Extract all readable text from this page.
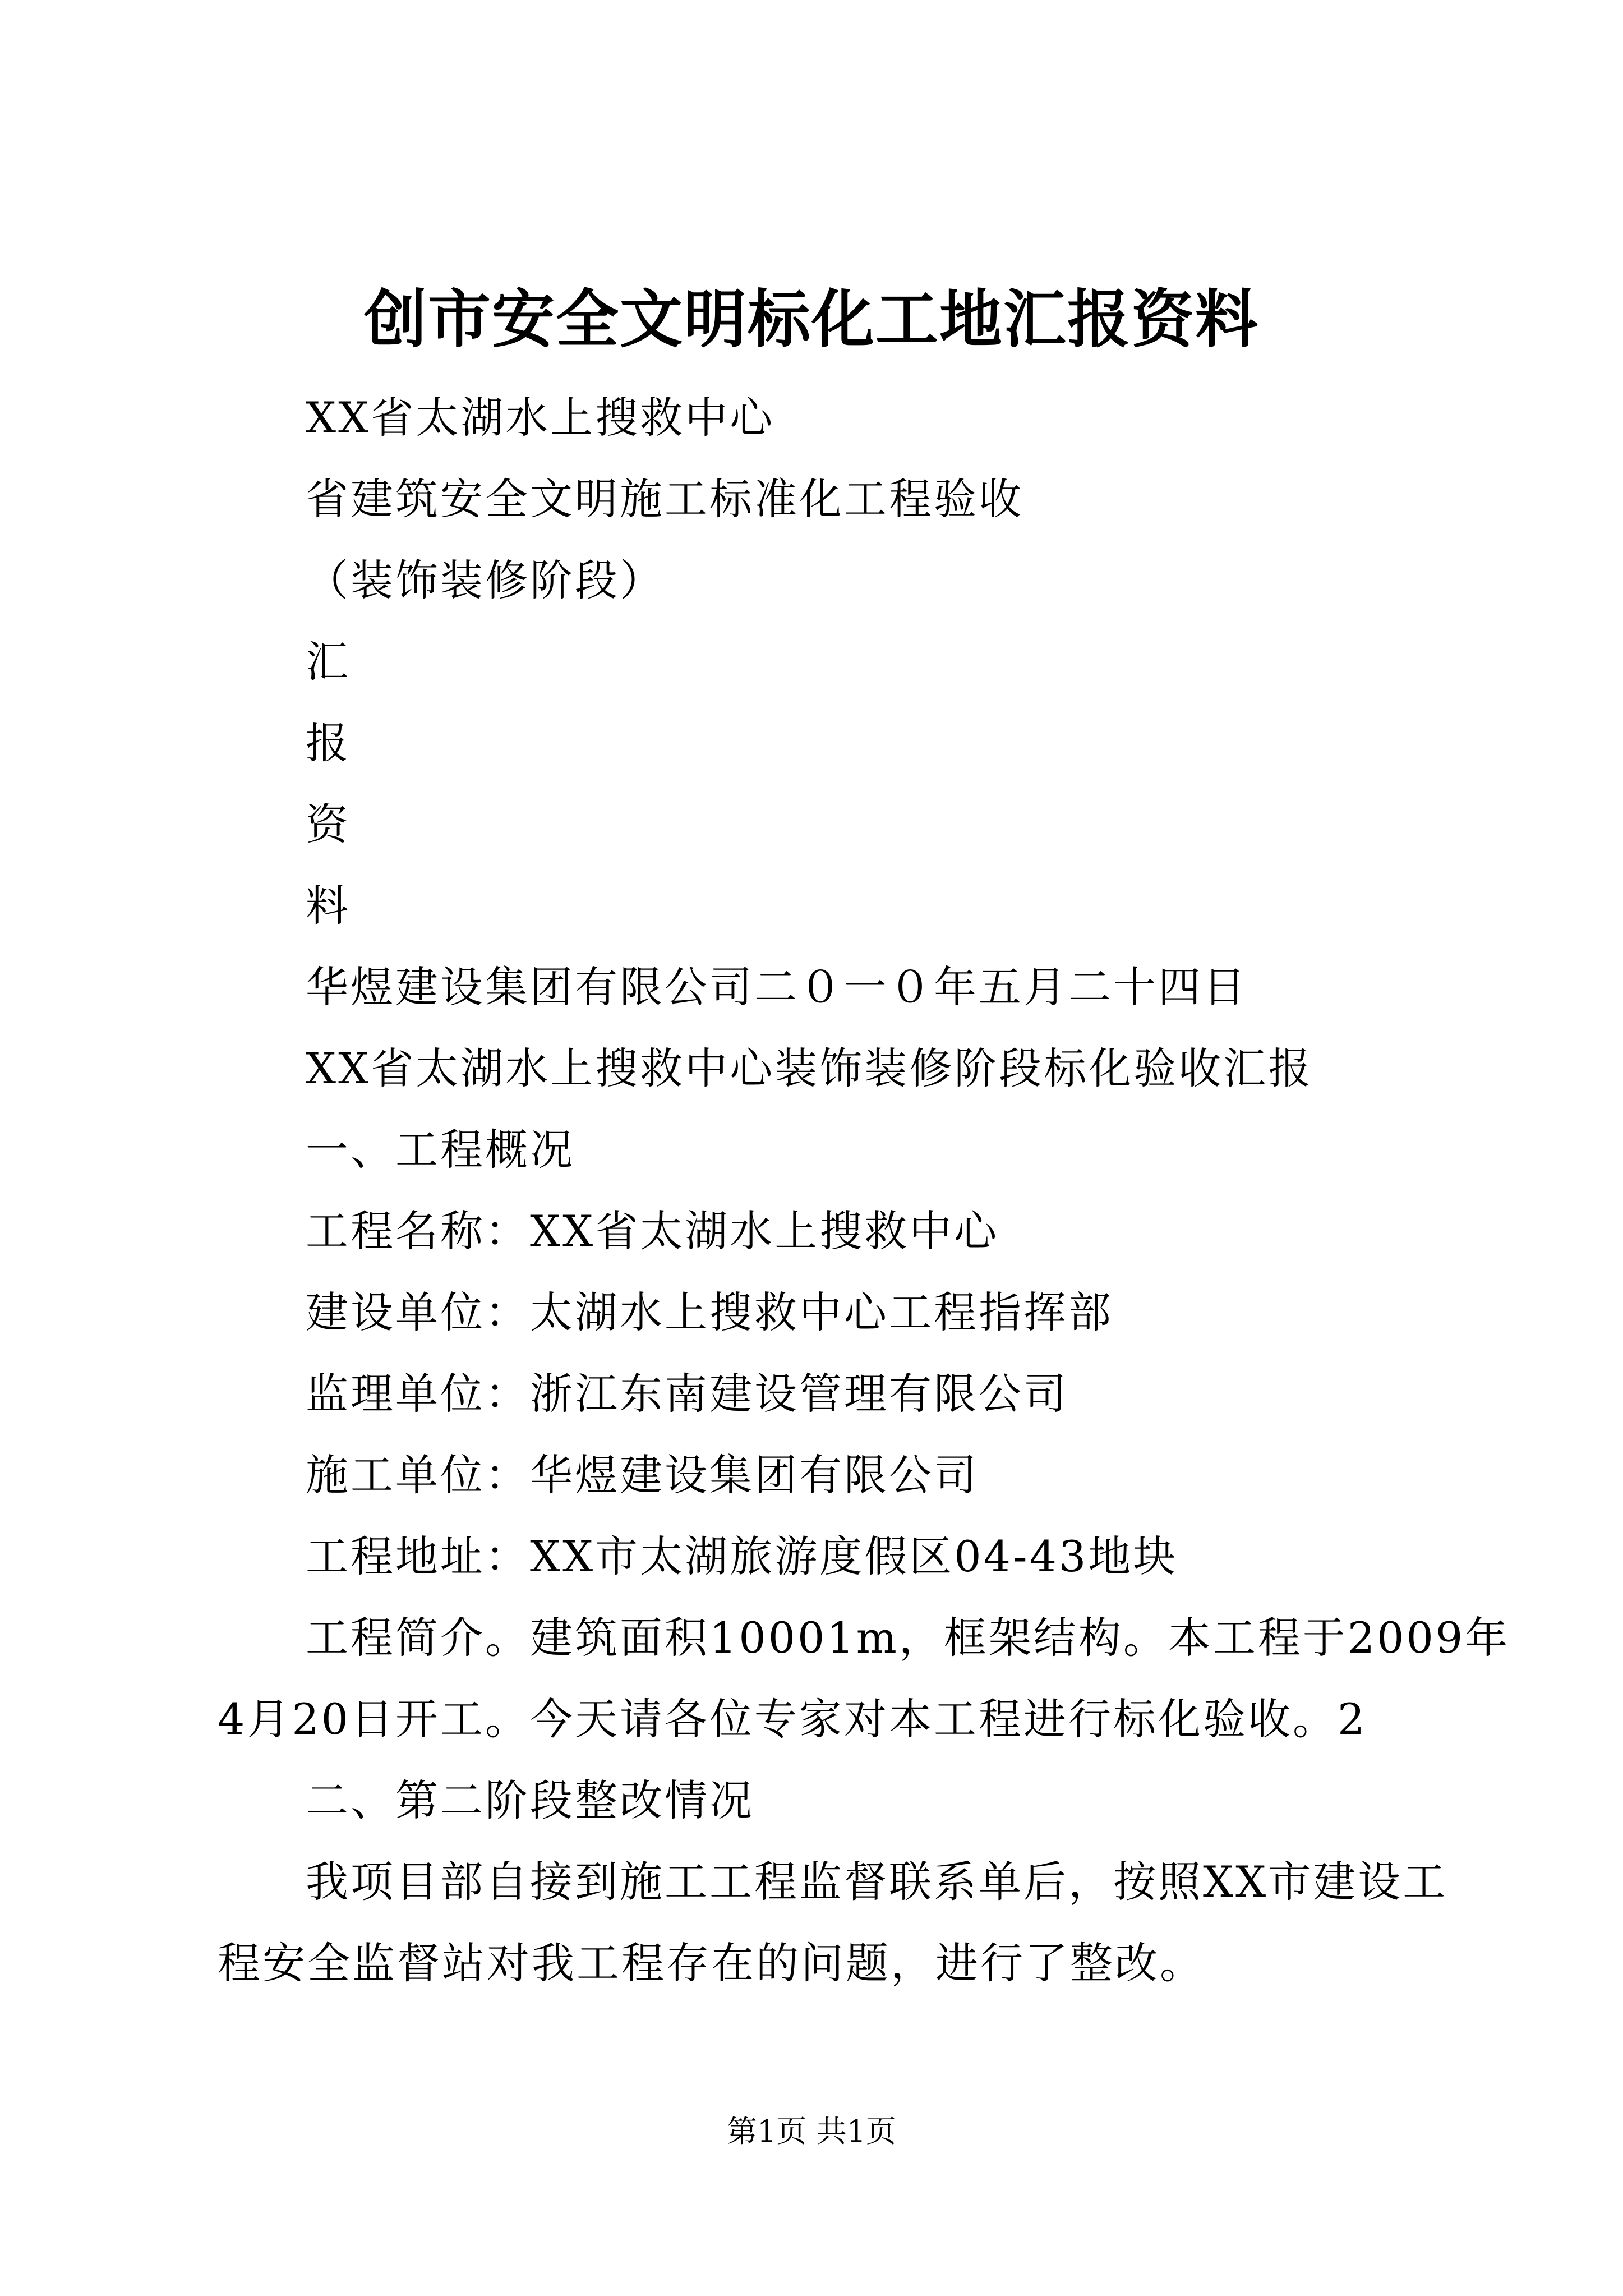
创市安全文明标化工地汇报资料
XX省太湖水上搜救中心
省建筑安全文明施工标准化工程验收
（装饰装修阶段）
汇
报
资
料
华煜建设集团有限公司二０一０年五月二十四日
XX省太湖水上搜救中心装饰装修阶段标化验收汇报
一、工程概况
工程名称：XX省太湖水上搜救中心
建设单位：太湖水上搜救中心工程指挥部
监理单位：浙江东南建设管理有限公司
施工单位：华煜建设集团有限公司
工程地址：XX市太湖旅游度假区04-43地块
工程简介。建筑面积10001m，框架结构。本工程于2009年
4月20日开工。今天请各位专家对本工程进行标化验收。2
二、第二阶段整改情况
我项目部自接到施工工程监督联系单后，按照XX市建设工
程安全监督站对我工程存在的问题，进行了整改。
第1页 共1页
